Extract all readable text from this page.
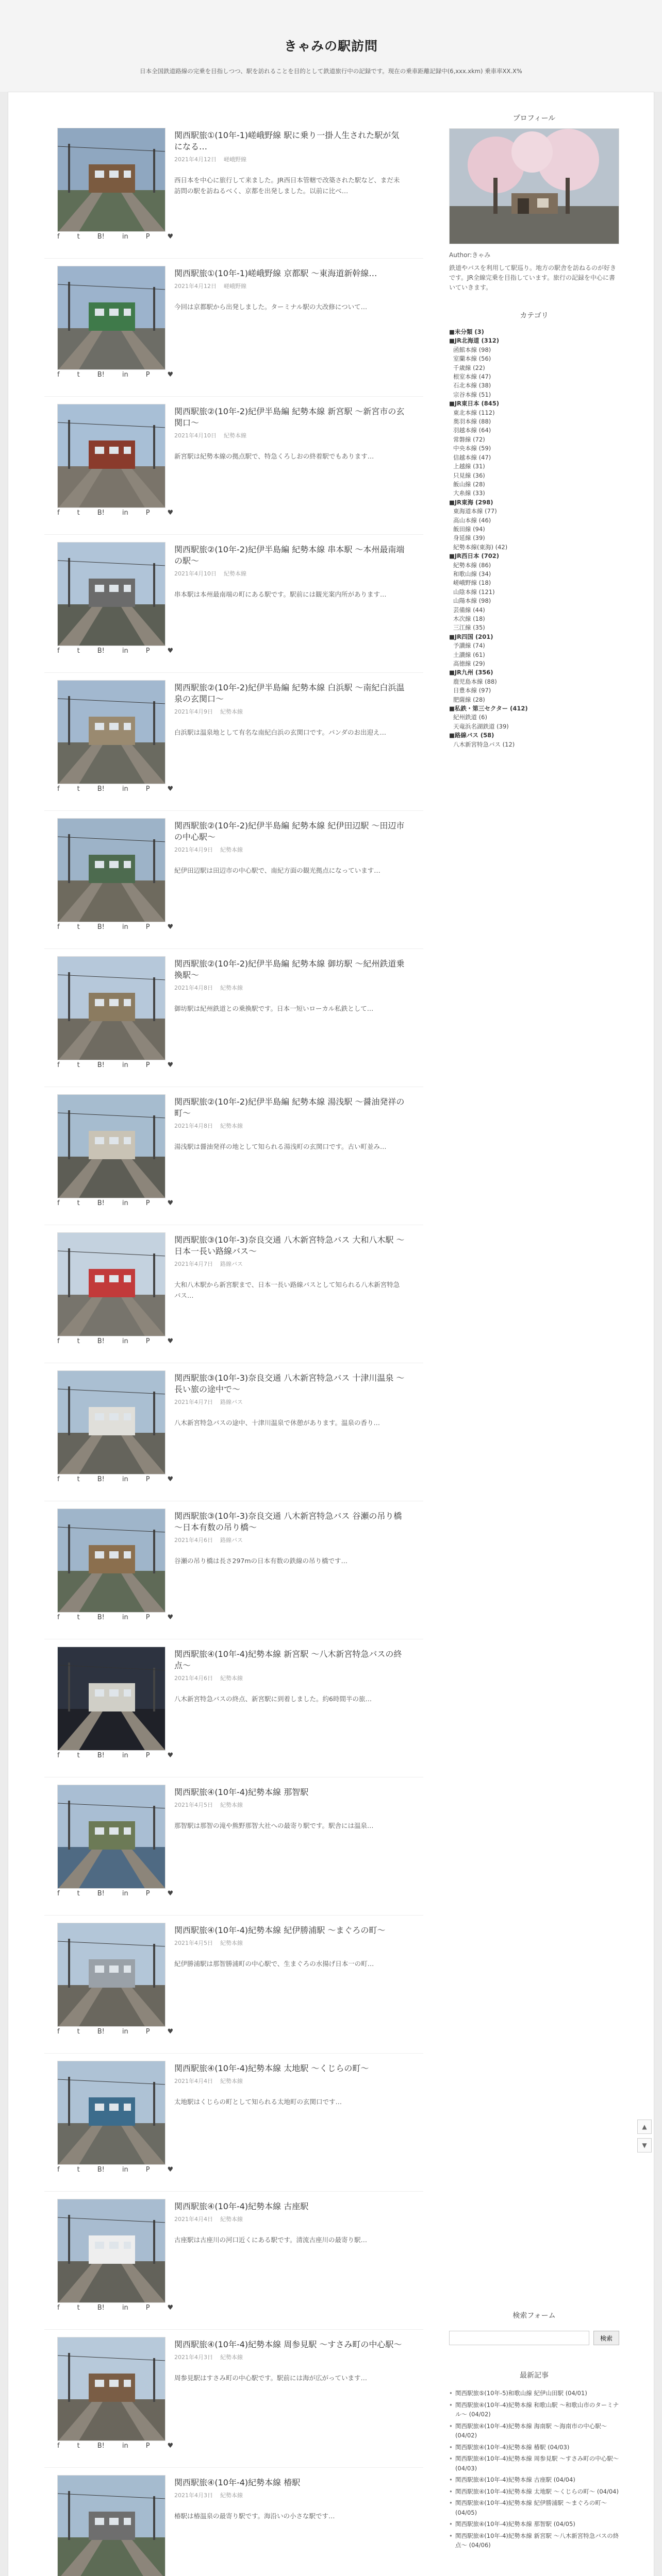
きゃみの駅訪問
日本全国鉄道路線の完乗を目指しつつ、駅を訪れることを目的として鉄道旅行中の記録です。現在の乗車距離記録中(6,xxx.xkm) 乗車率XX.X%
関西駅旅①(10年-1)嵯峨野線 駅に乗り一掛人生された駅が気になる…
2021年4月12日 嵯峨野線

西日本を中心に旅行して来ました。JR西日本管轄で改築された駅など、まだ未訪問の駅を訪ねるべく、京都を出発しました。以前に比べ…

f	t	B!	in	P	♥
関西駅旅①(10年-1)嵯峨野線 京都駅 ～東海道新幹線…
2021年4月12日 嵯峨野線

今回は京都駅から出発しました。ターミナル駅の大改修について…

f	t	B!	in	P	♥
関西駅旅②(10年-2)紀伊半島編 紀勢本線 新宮駅 ～新宮市の玄関口～
2021年4月10日 紀勢本線

新宮駅は紀勢本線の拠点駅で、特急くろしおの終着駅でもあります…

f	t	B!	in	P	♥
関西駅旅②(10年-2)紀伊半島編 紀勢本線 串本駅 ～本州最南端の駅～
2021年4月10日 紀勢本線

串本駅は本州最南端の町にある駅です。駅前には観光案内所があります…

f	t	B!	in	P	♥
関西駅旅②(10年-2)紀伊半島編 紀勢本線 白浜駅 ～南紀白浜温泉の玄関口～
2021年4月9日 紀勢本線

白浜駅は温泉地として有名な南紀白浜の玄関口です。パンダのお出迎え…

f	t	B!	in	P	♥
関西駅旅②(10年-2)紀伊半島編 紀勢本線 紀伊田辺駅 ～田辺市の中心駅～
2021年4月9日 紀勢本線

紀伊田辺駅は田辺市の中心駅で、南紀方面の観光拠点になっています…

f	t	B!	in	P	♥
関西駅旅②(10年-2)紀伊半島編 紀勢本線 御坊駅 ～紀州鉄道乗換駅～
2021年4月8日 紀勢本線

御坊駅は紀州鉄道との乗換駅です。日本一短いローカル私鉄として…

f	t	B!	in	P	♥
関西駅旅②(10年-2)紀伊半島編 紀勢本線 湯浅駅 ～醤油発祥の町～
2021年4月8日 紀勢本線

湯浅駅は醤油発祥の地として知られる湯浅町の玄関口です。古い町並み…

f	t	B!	in	P	♥
関西駅旅③(10年-3)奈良交通 八木新宮特急バス 大和八木駅 ～日本一長い路線バス～
2021年4月7日 路線バス

大和八木駅から新宮駅まで、日本一長い路線バスとして知られる八木新宮特急バス…

f	t	B!	in	P	♥
関西駅旅③(10年-3)奈良交通 八木新宮特急バス 十津川温泉 ～長い旅の途中で～
2021年4月7日 路線バス

八木新宮特急バスの途中、十津川温泉で休憩があります。温泉の香り…

f	t	B!	in	P	♥
関西駅旅③(10年-3)奈良交通 八木新宮特急バス 谷瀬の吊り橋 ～日本有数の吊り橋～
2021年4月6日 路線バス

谷瀬の吊り橋は長さ297mの日本有数の鉄線の吊り橋です…

f	t	B!	in	P	♥
関西駅旅④(10年-4)紀勢本線 新宮駅 ～八木新宮特急バスの終点～
2021年4月6日 紀勢本線

八木新宮特急バスの終点、新宮駅に到着しました。約6時間半の旅…

f	t	B!	in	P	♥
関西駅旅④(10年-4)紀勢本線 那智駅
2021年4月5日 紀勢本線

那智駅は那智の滝や熊野那智大社への最寄り駅です。駅舎には温泉…

f	t	B!	in	P	♥
関西駅旅④(10年-4)紀勢本線 紀伊勝浦駅 ～まぐろの町～
2021年4月5日 紀勢本線

紀伊勝浦駅は那智勝浦町の中心駅で、生まぐろの水揚げ日本一の町…

f	t	B!	in	P	♥
関西駅旅④(10年-4)紀勢本線 太地駅 ～くじらの町～
2021年4月4日 紀勢本線

太地駅はくじらの町として知られる太地町の玄関口です…

f	t	B!	in	P	♥
関西駅旅④(10年-4)紀勢本線 古座駅
2021年4月4日 紀勢本線

古座駅は古座川の河口近くにある駅です。清流古座川の最寄り駅…

f	t	B!	in	P	♥
関西駅旅④(10年-4)紀勢本線 周参見駅 ～すさみ町の中心駅～
2021年4月3日 紀勢本線

周参見駅はすさみ町の中心駅です。駅前には海が広がっています…

f	t	B!	in	P	♥
関西駅旅④(10年-4)紀勢本線 椿駅
2021年4月3日 紀勢本線

椿駅は椿温泉の最寄り駅です。海沿いの小さな駅です…

プロフィール
Author:きゃみ
鉄道やバスを利用して駅巡り。地方の駅舎を訪ねるのが好きです。JR全線完乗を目指しています。旅行の記録を中心に書いていきます。
カテゴリ
■未分類 (3)
■JR北海道 (312)
函館本線 (98)
室蘭本線 (56)
千歳線 (22)
根室本線 (47)
石北本線 (38)
宗谷本線 (51)
■JR東日本 (845)
東北本線 (112)
奥羽本線 (88)
羽越本線 (64)
常磐線 (72)
中央本線 (59)
信越本線 (47)
上越線 (31)
只見線 (36)
飯山線 (28)
大糸線 (33)
■JR東海 (298)
東海道本線 (77)
高山本線 (46)
飯田線 (94)
身延線 (39)
紀勢本線(東海) (42)
■JR西日本 (702)
紀勢本線 (86)
和歌山線 (34)
嵯峨野線 (18)
山陰本線 (121)
山陽本線 (98)
芸備線 (44)
木次線 (18)
三江線 (35)
■JR四国 (201)
予讃線 (74)
土讃線 (61)
高徳線 (29)
■JR九州 (356)
鹿児島本線 (88)
日豊本線 (97)
肥薩線 (28)
■私鉄・第三セクター (412)
紀州鉄道 (6)
天竜浜名湖鉄道 (39)
■路線バス (58)
八木新宮特急バス (12)
検索フォーム
検索
最新記事
• 関西駅旅⑤(10年-5)和歌山線 紀伊山田駅 (04/01)
• 関西駅旅④(10年-4)紀勢本線 和歌山駅 ～和歌山市のターミナル～ (04/02)
• 関西駅旅④(10年-4)紀勢本線 海南駅 ～海南市の中心駅～ (04/02)
• 関西駅旅④(10年-4)紀勢本線 椿駅 (04/03)
• 関西駅旅④(10年-4)紀勢本線 周参見駅 ～すさみ町の中心駅～ (04/03)
• 関西駅旅④(10年-4)紀勢本線 古座駅 (04/04)
• 関西駅旅④(10年-4)紀勢本線 太地駅 ～くじらの町～ (04/04)
• 関西駅旅④(10年-4)紀勢本線 紀伊勝浦駅 ～まぐろの町～ (04/05)
• 関西駅旅④(10年-4)紀勢本線 那智駅 (04/05)
• 関西駅旅④(10年-4)紀勢本線 新宮駅 ～八木新宮特急バスの終点～ (04/06)
▲
▼
